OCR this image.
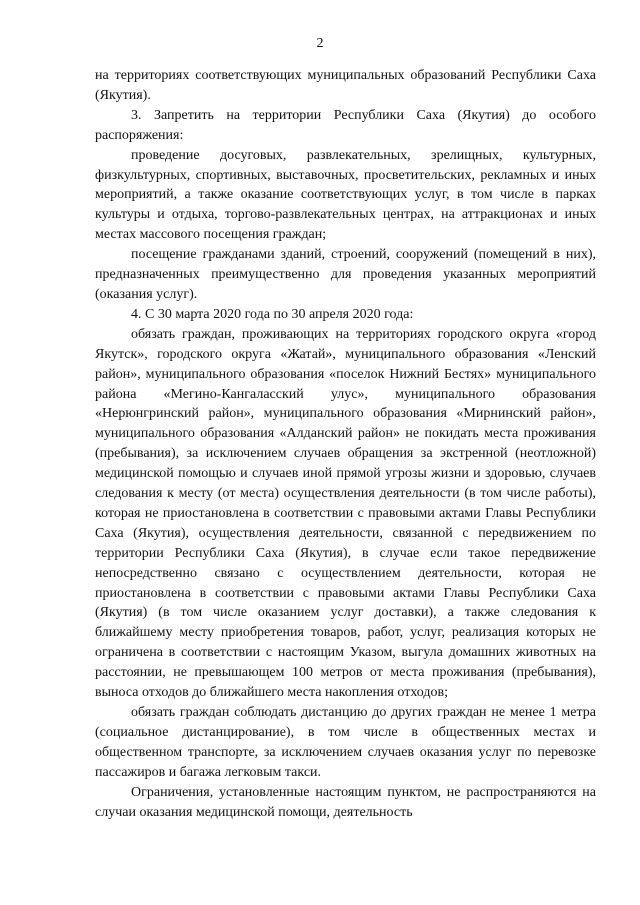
2

на территориях соответствующих муниципальных образований Республики Саха (Якутия).

3. Запретить на территории Республики Саха (Якутия) до особого распоряжения:

проведение досуговых, развлекательных, зрелищных, культурных, физкультурных, спортивных, выставочных, просветительских, рекламных и иных мероприятий, а также оказание соответствующих услуг, в том числе в парках культуры и отдыха, торгово-развлекательных центрах, на аттракционах и иных местах массового посещения граждан;

посещение гражданами зданий, строений, сооружений (помещений в них), предназначенных преимущественно для проведения указанных мероприятий (оказания услуг).

4. С 30 марта 2020 года по 30 апреля 2020 года:

обязать граждан, проживающих на территориях городского округа «город Якутск», городского округа «Жатай», муниципального образования «Ленский район», муниципального образования «поселок Нижний Бестях» муниципального района «Мегино-Кангаласский улус», муниципального образования «Нерюнгринский район», муниципального образования «Мирнинский район», муниципального образования «Алданский район» не покидать места проживания (пребывания), за исключением случаев обращения за экстренной (неотложной) медицинской помощью и случаев иной прямой угрозы жизни и здоровью, случаев следования к месту (от места) осуществления деятельности (в том числе работы), которая не приостановлена в соответствии с правовыми актами Главы Республики Саха (Якутия), осуществления деятельности, связанной с передвижением по территории Республики Саха (Якутия), в случае если такое передвижение непосредственно связано с осуществлением деятельности, которая не приостановлена в соответствии с правовыми актами Главы Республики Саха (Якутия) (в том числе оказанием услуг доставки), а также следования к ближайшему месту приобретения товаров, работ, услуг, реализация которых не ограничена в соответствии с настоящим Указом, выгула домашних животных на расстоянии, не превышающем 100 метров от места проживания (пребывания), выноса отходов до ближайшего места накопления отходов;

обязать граждан соблюдать дистанцию до других граждан не менее 1 метра (социальное дистанцирование), в том числе в общественных местах и общественном транспорте, за исключением случаев оказания услуг по перевозке пассажиров и багажа легковым такси.

Ограничения, установленные настоящим пунктом, не распространяются на случаи оказания медицинской помощи, деятельность
